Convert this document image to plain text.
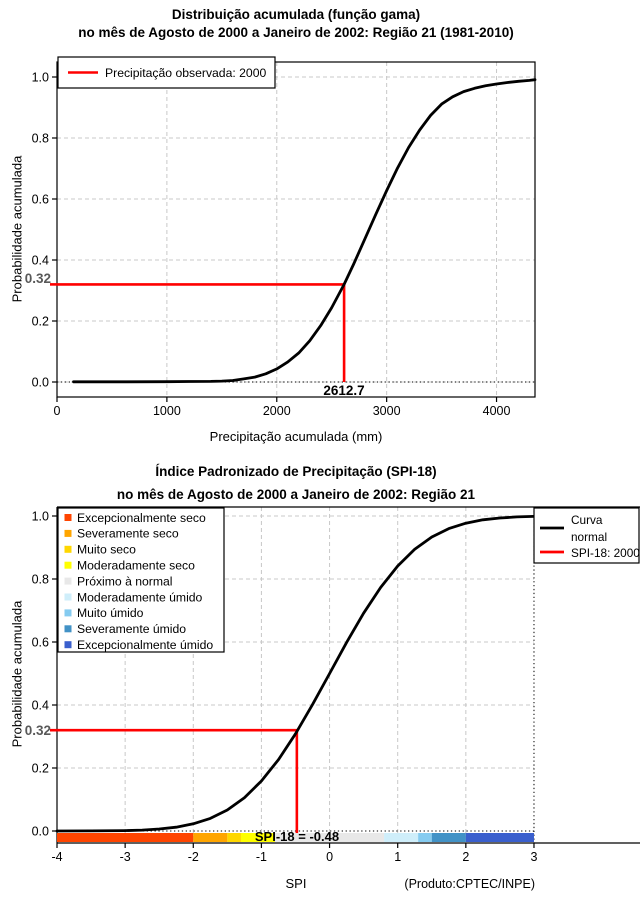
0	1000	2000	3000	4000
0.0
0.2
0.4
0.6
0.8
1.0	Precipitação observada: 2000
-4	-3	-2	-1	0	1	2	3
0.0
0.2
0.4
0.6
0.8
1.0 Excepcionalmente seco
Severamente seco
Muito seco
Moderadamente seco
Próximo à normal
Moderadamente úmido
Muito úmido
Severamente úmido
Excepcionalmente úmido
Curva
normal
SPI-18: 2000
Distribuição acumulada (função gama)
no mês de Agosto de 2000 a Janeiro de 2002: Região 21 (1981-2010)
Probabilidade acumulada 0.32
2612.7
Precipitação acumulada (mm)
Índice Padronizado de Precipitação (SPI-18)
no mês de Agosto de 2000 a Janeiro de 2002: Região 21
Probabilidade acumulada 0.32
SPI-18 = -0.48
SPI	(Produto:CPTEC/INPE)
